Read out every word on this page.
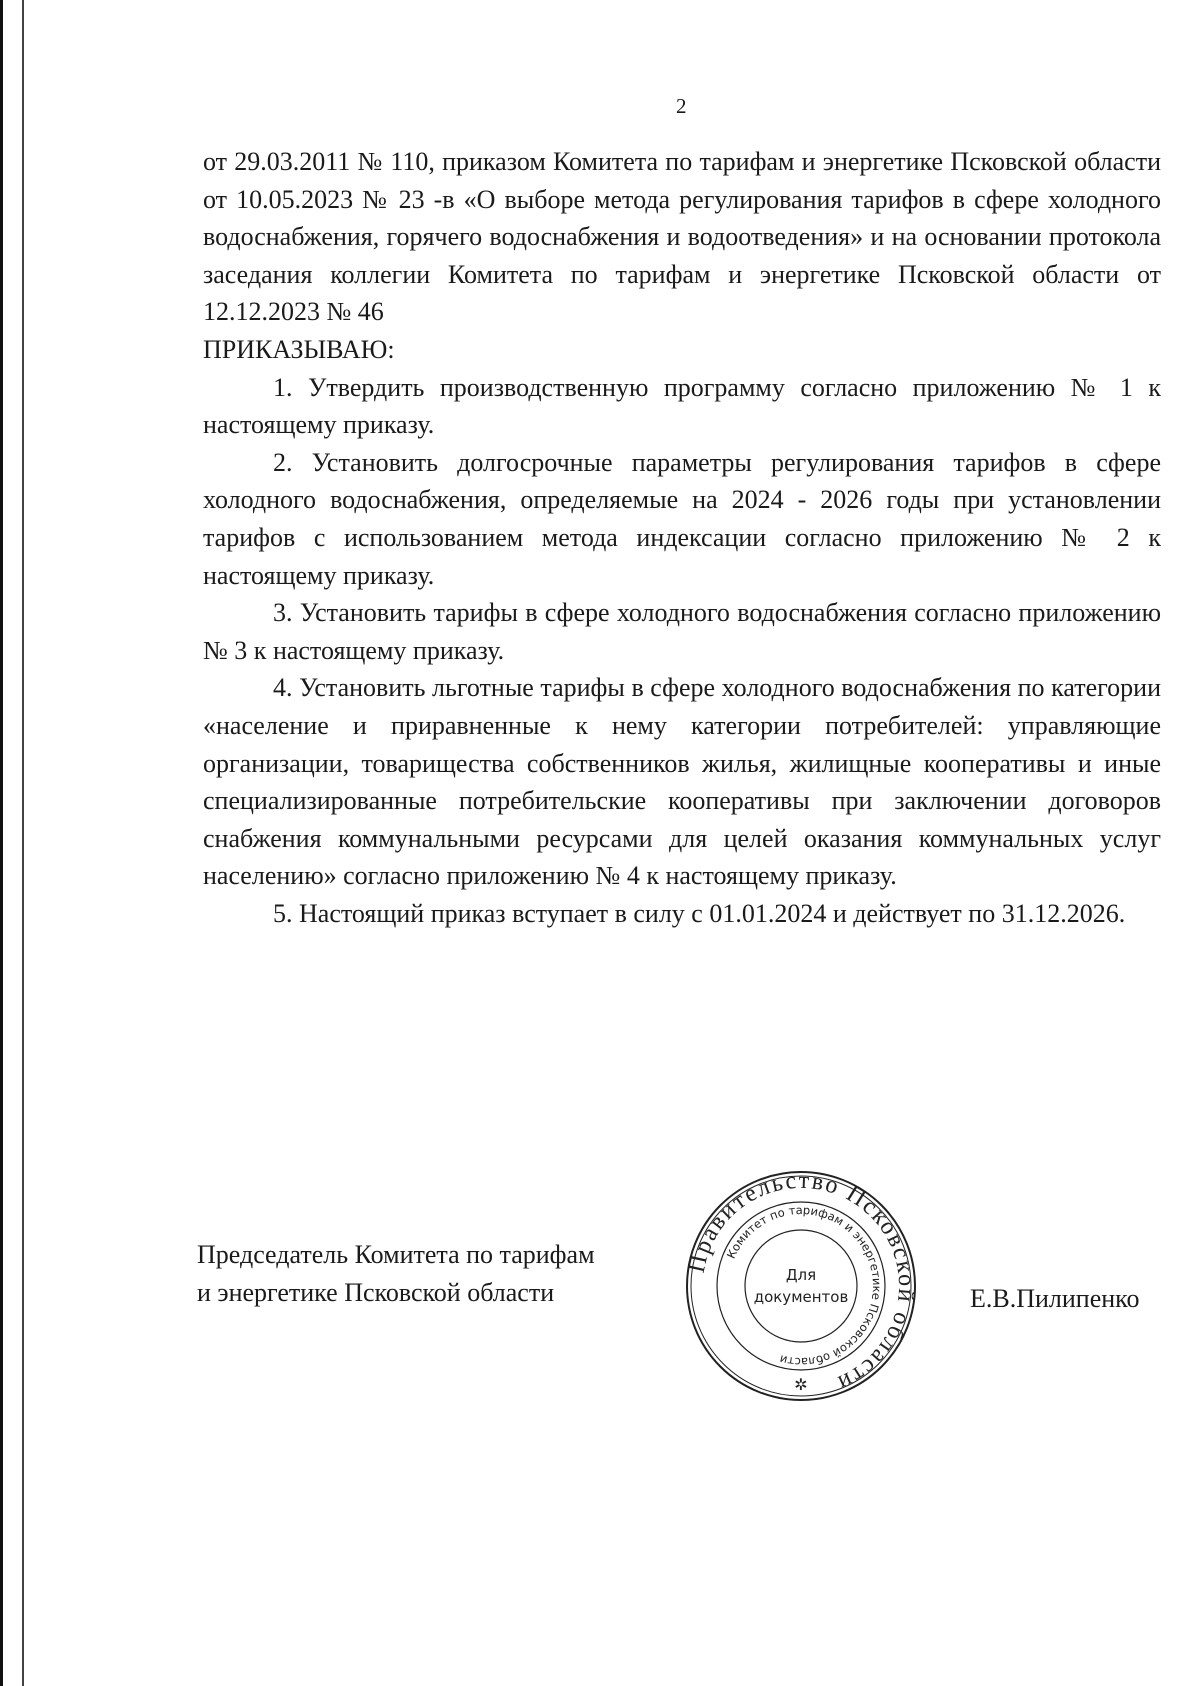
2

от 29.03.2011 № 110, приказом Комитета по тарифам и энергетике Псковской области от 10.05.2023 № 23 -в «О выборе метода регулирования тарифов в сфере холодного водоснабжения, горячего водоснабжения и водоотведения» и на основании протокола заседания коллегии Комитета по тарифам и энергетике Псковской области от 12.12.2023 № 46

ПРИКАЗЫВАЮ:

1. Утвердить производственную программу согласно приложению № 1 к настоящему приказу.

2. Установить долгосрочные параметры регулирования тарифов в сфере холодного водоснабжения, определяемые на 2024 - 2026 годы при установлении тарифов с использованием метода индексации согласно приложению № 2 к настоящему приказу.

3. Установить тарифы в сфере холодного водоснабжения согласно приложению № 3 к настоящему приказу.

4. Установить льготные тарифы в сфере холодного водоснабжения по категории «население и приравненные к нему категории потребителей: управляющие организации, товарищества собственников жилья, жилищные кооперативы и иные специализированные потребительские кооперативы при заключении договоров снабжения коммунальными ресурсами для целей оказания коммунальных услуг населению» согласно приложению № 4 к настоящему приказу.

5. Настоящий приказ вступает в силу с 01.01.2024 и действует по 31.12.2026.

Председатель Комитета по тарифам
и энергетике Псковской области
Правительство Псковской области
Комитет по тарифам и энергетике Псковской области
Для
документов
✲
Е.В.Пилипенко
